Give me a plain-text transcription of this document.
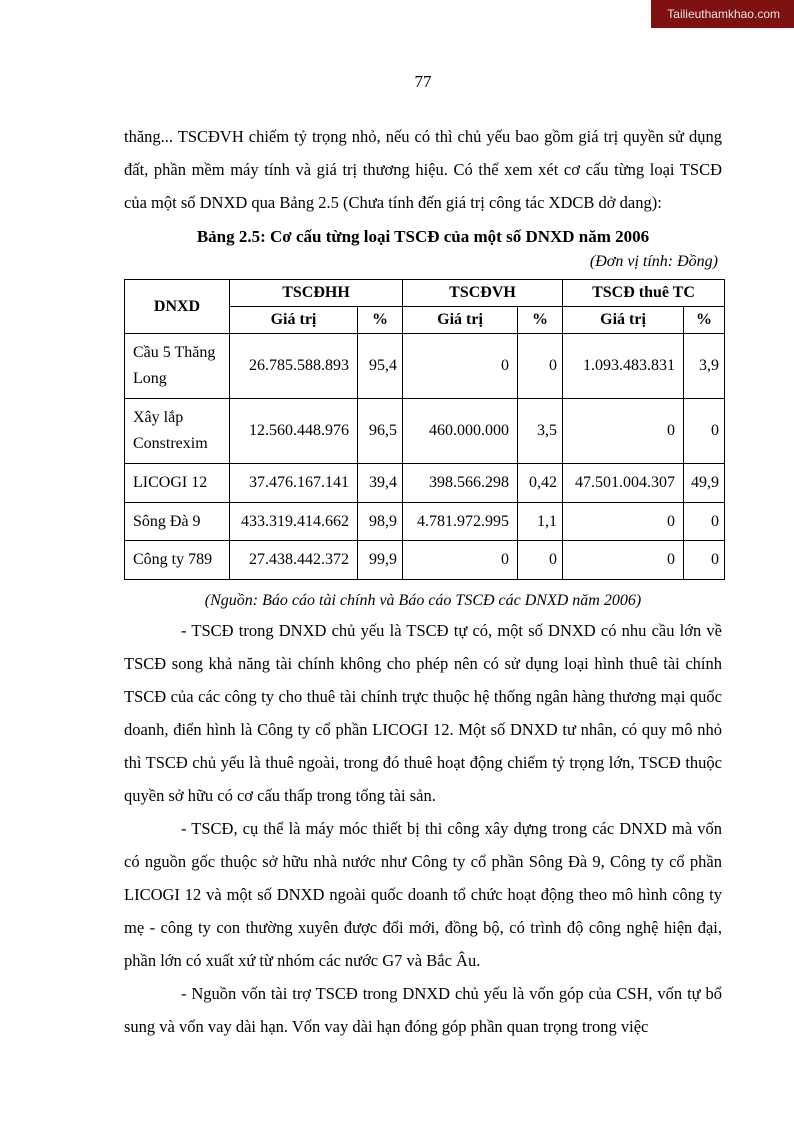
Tailieuthamkhao.com
77

thăng... TSCĐVH chiếm tỷ trọng nhỏ, nếu có thì chủ yếu bao gồm giá trị quyền sử dụng đất, phần mềm máy tính và giá trị thương hiệu. Có thể xem xét cơ cấu từng loại TSCĐ của một số DNXD qua Bảng 2.5 (Chưa tính đến giá trị công tác XDCB dở dang):

Bảng 2.5: Cơ cấu từng loại TSCĐ của một số DNXD năm 2006
(Đơn vị tính: Đồng)
DNXD	TSCĐHH		TSCĐVH		TSCĐ thuê TC	
	Giá trị	%	Giá trị	%	Giá trị	%
Cầu 5 Thăng Long	26.785.588.893	95,4	0	0	1.093.483.831	3,9
Xây lắp Constrexim	12.560.448.976	96,5	460.000.000	3,5	0	0
LICOGI 12	37.476.167.141	39,4	398.566.298	0,42	47.501.004.307	49,9
Sông Đà 9	433.319.414.662	98,9	4.781.972.995	1,1	0	0
Công ty 789	27.438.442.372	99,9	0	0	0	0

(Nguồn: Báo cáo tài chính và Báo cáo TSCĐ các DNXD năm 2006)

- TSCĐ trong DNXD chủ yếu là TSCĐ tự có, một số DNXD có nhu cầu lớn về TSCĐ song khả năng tài chính không cho phép nên có sử dụng loại hình thuê tài chính TSCĐ của các công ty cho thuê tài chính trực thuộc hệ thống ngân hàng thương mại quốc doanh, điển hình là Công ty cổ phần LICOGI 12. Một số DNXD tư nhân, có quy mô nhỏ thì TSCĐ chủ yếu là thuê ngoài, trong đó thuê hoạt động chiếm tỷ trọng lớn, TSCĐ thuộc quyền sở hữu có cơ cấu thấp trong tổng tài sản.

- TSCĐ, cụ thể là máy móc thiết bị thi công xây dựng trong các DNXD mà vốn có nguồn gốc thuộc sở hữu nhà nước như Công ty cổ phần Sông Đà 9, Công ty cổ phần LICOGI 12 và một số DNXD ngoài quốc doanh tổ chức hoạt động theo mô hình công ty mẹ - công ty con thường xuyên được đổi mới, đồng bộ, có trình độ công nghệ hiện đại, phần lớn có xuất xứ từ nhóm các nước G7 và Bắc Âu.

- Nguồn vốn tài trợ TSCĐ trong DNXD chủ yếu là vốn góp của CSH, vốn tự bổ sung và vốn vay dài hạn. Vốn vay dài hạn đóng góp phần quan trọng trong việc
